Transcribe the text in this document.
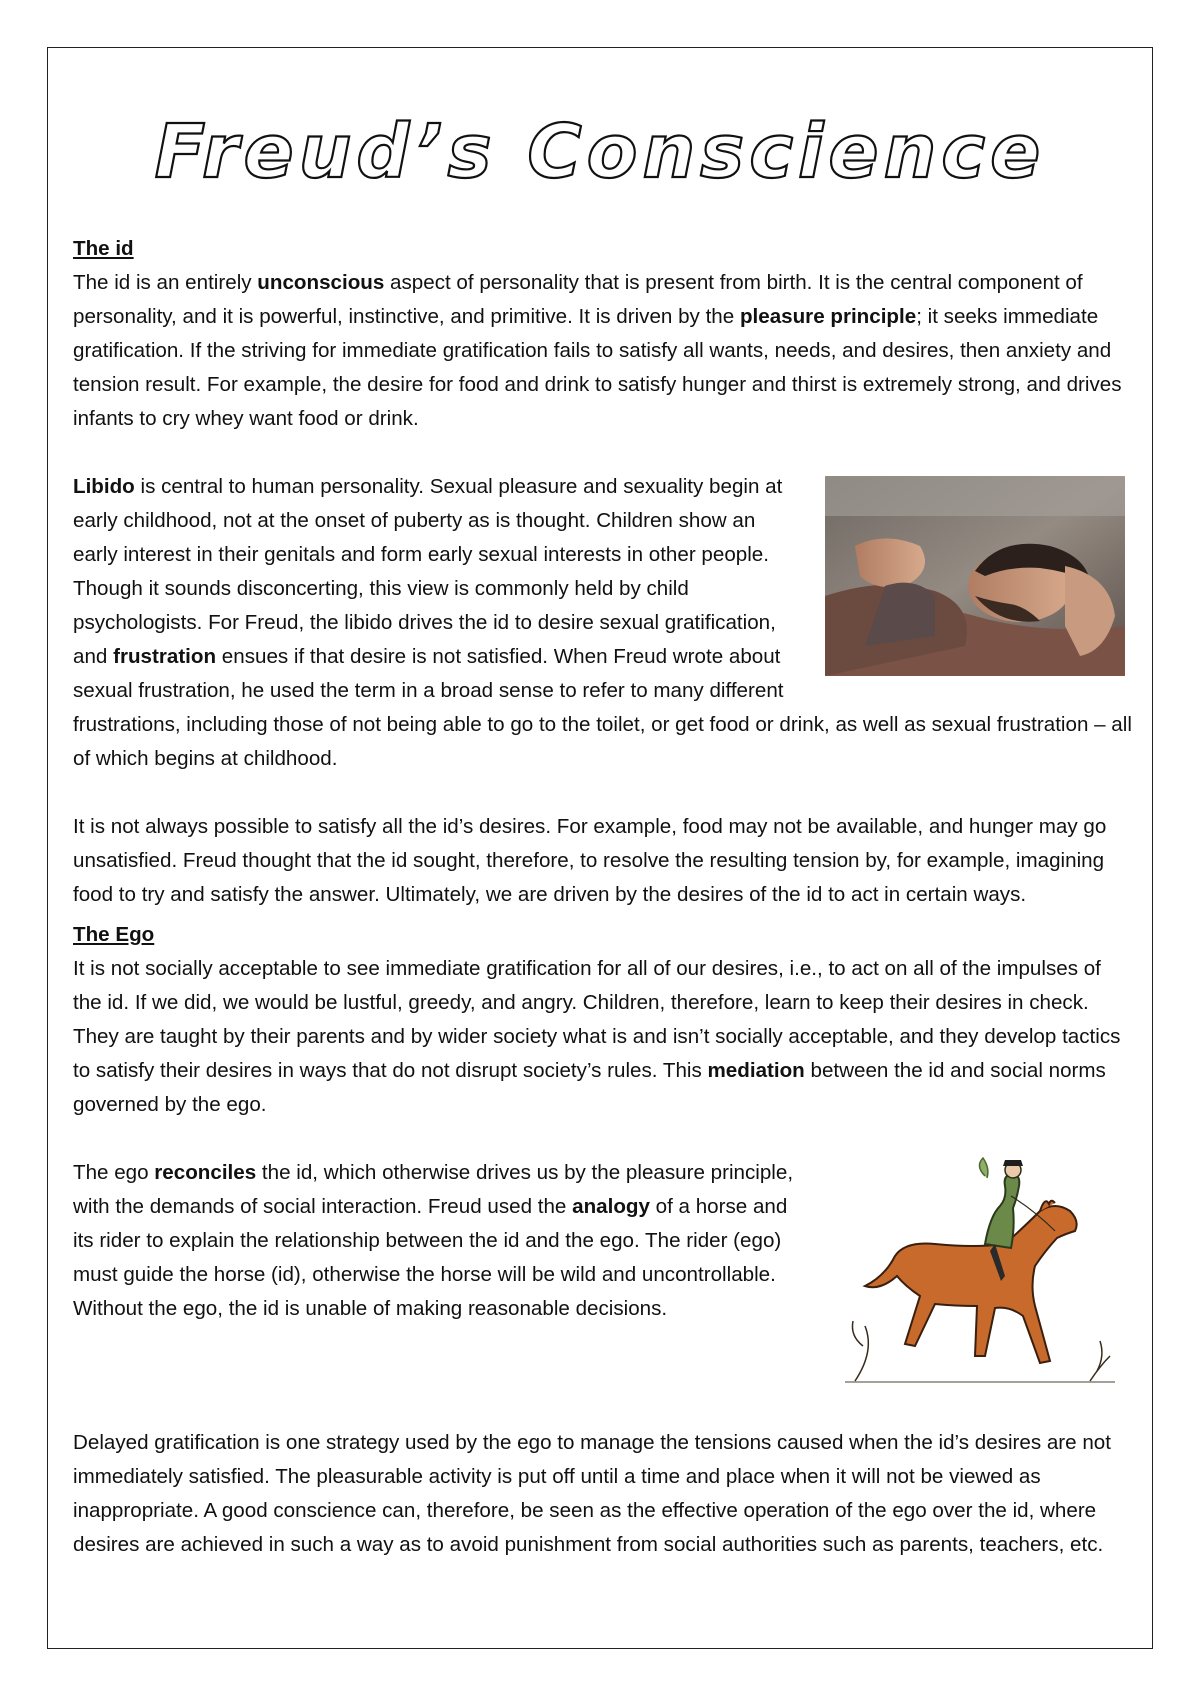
Freud’s Conscience

The id

The id is an entirely unconscious aspect of personality that is present from birth. It is the central component of personality, and it is powerful, instinctive, and primitive. It is driven by the pleasure principle; it seeks immediate gratification. If the striving for immediate gratification fails to satisfy all wants, needs, and desires, then anxiety and tension result. For example, the desire for food and drink to satisfy hunger and thirst is extremely strong, and drives infants to cry whey want food or drink.

Libido is central to human personality. Sexual pleasure and sexuality begin at early childhood, not at the onset of puberty as is thought. Children show an early interest in their genitals and form early sexual interests in other people. Though it sounds disconcerting, this view is commonly held by child psychologists. For Freud, the libido drives the id to desire sexual gratification, and frustration ensues if that desire is not satisfied. When Freud wrote about sexual frustration, he used the term in a broad sense to refer to many different frustrations, including those of not being able to go to the toilet, or get food or drink, as well as sexual frustration – all of which begins at childhood.

It is not always possible to satisfy all the id’s desires. For example, food may not be available, and hunger may go unsatisfied. Freud thought that the id sought, therefore, to resolve the resulting tension by, for example, imagining food to try and satisfy the answer. Ultimately, we are driven by the desires of the id to act in certain ways.

The Ego

It is not socially acceptable to see immediate gratification for all of our desires, i.e., to act on all of the impulses of the id. If we did, we would be lustful, greedy, and angry. Children, therefore, learn to keep their desires in check. They are taught by their parents and by wider society what is and isn’t socially acceptable, and they develop tactics to satisfy their desires in ways that do not disrupt society’s rules. This mediation between the id and social norms governed by the ego.

The ego reconciles the id, which otherwise drives us by the pleasure principle, with the demands of social interaction. Freud used the analogy of a horse and its rider to explain the relationship between the id and the ego. The rider (ego) must guide the horse (id), otherwise the horse will be wild and uncontrollable. Without the ego, the id is unable of making reasonable decisions.

Delayed gratification is one strategy used by the ego to manage the tensions caused when the id’s desires are not immediately satisfied. The pleasurable activity is put off until a time and place when it will not be viewed as inappropriate. A good conscience can, therefore, be seen as the effective operation of the ego over the id, where desires are achieved in such a way as to avoid punishment from social authorities such as parents, teachers, etc.
